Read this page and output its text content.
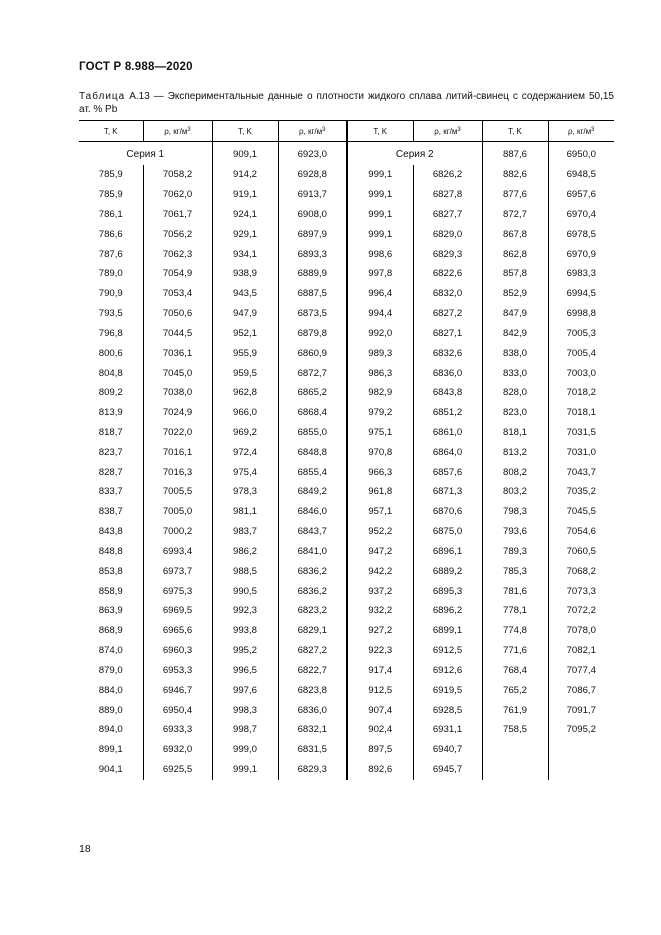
ГОСТ Р 8.988—2020
Таблица А.13 — Экспериментальные данные о плотности жидкого сплава литий-свинец с содержанием 50,15 ат. % Pb
T, K	ρ, $кг/м^3$	T, K	ρ, $кг/м^3$	T, K	ρ, $кг/м^3$	T, K	ρ, $кг/м^3$
Серия 1		909,1	6923,0	Серия 2		887,6	6950,0
785,9	7058,2	914,2	6928,8	999,1	6826,2	882,6	6948,5
785,9	7062,0	919,1	6913,7	999,1	6827,8	877,6	6957,6
786,1	7061,7	924,1	6908,0	999,1	6827,7	872,7	6970,4
786,6	7056,2	929,1	6897,9	999,1	6829,0	867,8	6978,5
787,6	7062,3	934,1	6893,3	998,6	6829,3	862,8	6970,9
789,0	7054,9	938,9	6889,9	997,8	6822,6	857,8	6983,3
790,9	7053,4	943,5	6887,5	996,4	6832,0	852,9	6994,5
793,5	7050,6	947,9	6873,5	994,4	6827,2	847,9	6998,8
796,8	7044,5	952,1	6879,8	992,0	6827,1	842,9	7005,3
800,6	7036,1	955,9	6860,9	989,3	6832,6	838,0	7005,4
804,8	7045,0	959,5	6872,7	986,3	6836,0	833,0	7003,0
809,2	7038,0	962,8	6865,2	982,9	6843,8	828,0	7018,2
813,9	7024,9	966,0	6868,4	979,2	6851,2	823,0	7018,1
818,7	7022,0	969,2	6855,0	975,1	6861,0	818,1	7031,5
823,7	7016,1	972,4	6848,8	970,8	6864,0	813,2	7031,0
828,7	7016,3	975,4	6855,4	966,3	6857,6	808,2	7043,7
833,7	7005,5	978,3	6849,2	961,8	6871,3	803,2	7035,2
838,7	7005,0	981,1	6846,0	957,1	6870,6	798,3	7045,5
843,8	7000,2	983,7	6843,7	952,2	6875,0	793,6	7054,6
848,8	6993,4	986,2	6841,0	947,2	6896,1	789,3	7060,5
853,8	6973,7	988,5	6836,2	942,2	6889,2	785,3	7068,2
858,9	6975,3	990,5	6836,2	937,2	6895,3	781,6	7073,3
863,9	6969,5	992,3	6823,2	932,2	6896,2	778,1	7072,2
868,9	6965,6	993,8	6829,1	927,2	6899,1	774,8	7078,0
874,0	6960,3	995,2	6827,2	922,3	6912,5	771,6	7082,1
879,0	6953,3	996,5	6822,7	917,4	6912,6	768,4	7077,4
884,0	6946,7	997,6	6823,8	912,5	6919,5	765,2	7086,7
889,0	6950,4	998,3	6836,0	907,4	6928,5	761,9	7091,7
894,0	6933,3	998,7	6832,1	902,4	6931,1	758,5	7095,2
899,1	6932,0	999,0	6831,5	897,5	6940,7		
904,1	6925,5	999,1	6829,3	892,6	6945,7		
18
